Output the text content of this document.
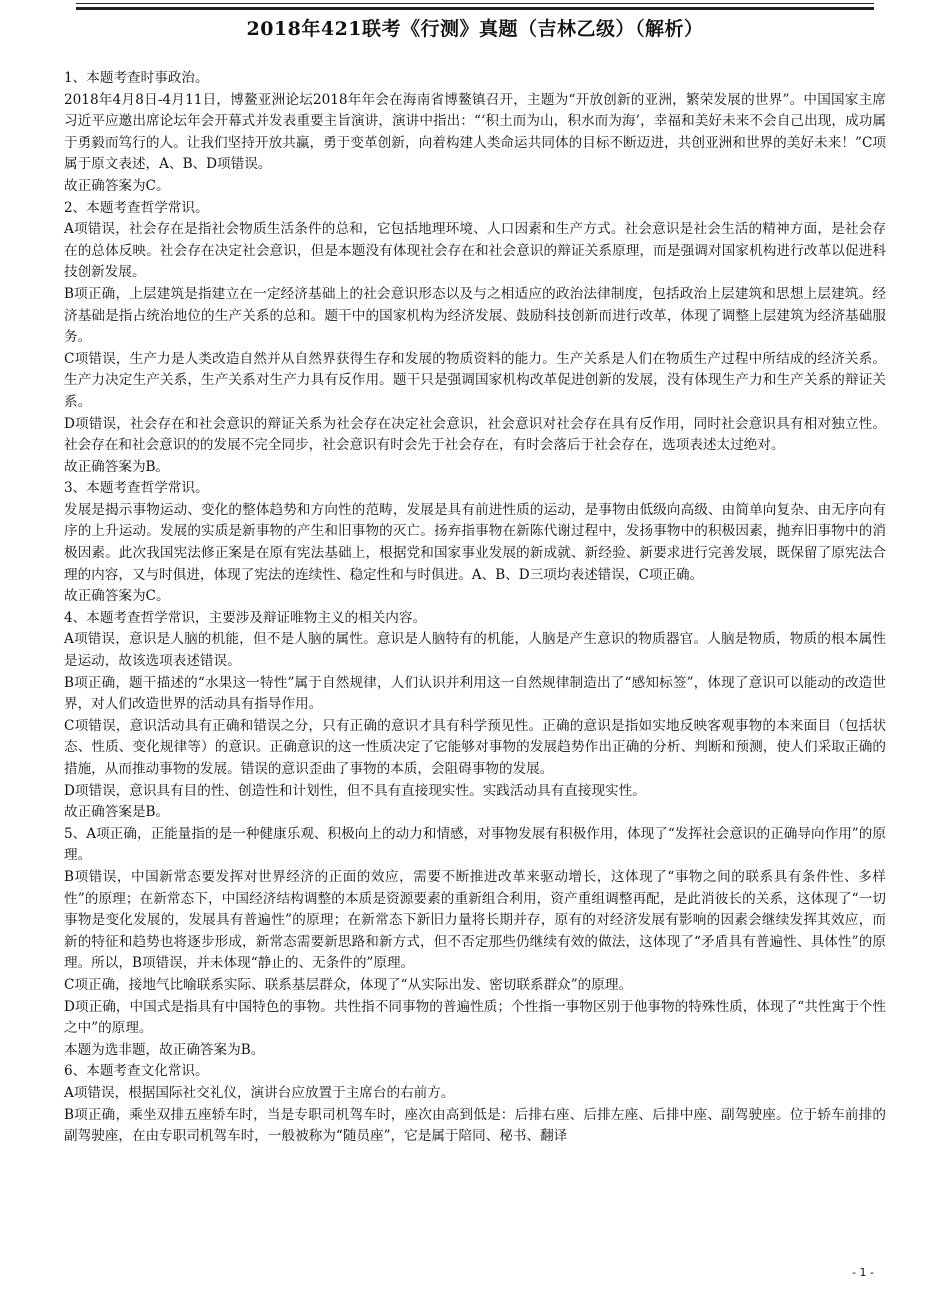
2018年421联考《行测》真题（吉林乙级）（解析）

1、本题考查时事政治。

2018年4月8日-4月11日，博鳌亚洲论坛2018年年会在海南省博鳌镇召开，主题为“开放创新的亚洲，繁荣发展的世界”。中国国家主席习近平应邀出席论坛年会开幕式并发表重要主旨演讲，演讲中指出：“‘积土而为山，积水而为海’，幸福和美好未来不会自己出现，成功属于勇毅而笃行的人。让我们坚持开放共赢，勇于变革创新，向着构建人类命运共同体的目标不断迈进，共创亚洲和世界的美好未来！”C项属于原文表述，A、B、D项错误。

故正确答案为C。

2、本题考查哲学常识。

A项错误，社会存在是指社会物质生活条件的总和，它包括地理环境、人口因素和生产方式。社会意识是社会生活的精神方面，是社会存在的总体反映。社会存在决定社会意识，但是本题没有体现社会存在和社会意识的辩证关系原理，而是强调对国家机构进行改革以促进科技创新发展。

B项正确，上层建筑是指建立在一定经济基础上的社会意识形态以及与之相适应的政治法律制度，包括政治上层建筑和思想上层建筑。经济基础是指占统治地位的生产关系的总和。题干中的国家机构为经济发展、鼓励科技创新而进行改革，体现了调整上层建筑为经济基础服务。

C项错误，生产力是人类改造自然并从自然界获得生存和发展的物质资料的能力。生产关系是人们在物质生产过程中所结成的经济关系。生产力决定生产关系，生产关系对生产力具有反作用。题干只是强调国家机构改革促进创新的发展，没有体现生产力和生产关系的辩证关系。

D项错误，社会存在和社会意识的辩证关系为社会存在决定社会意识，社会意识对社会存在具有反作用，同时社会意识具有相对独立性。社会存在和社会意识的的发展不完全同步，社会意识有时会先于社会存在，有时会落后于社会存在，选项表述太过绝对。

故正确答案为B。

3、本题考查哲学常识。

发展是揭示事物运动、变化的整体趋势和方向性的范畴，发展是具有前进性质的运动，是事物由低级向高级、由简单向复杂、由无序向有序的上升运动。发展的实质是新事物的产生和旧事物的灭亡。扬弃指事物在新陈代谢过程中，发扬事物中的积极因素，抛弃旧事物中的消极因素。此次我国宪法修正案是在原有宪法基础上，根据党和国家事业发展的新成就、新经验、新要求进行完善发展，既保留了原宪法合理的内容，又与时俱进，体现了宪法的连续性、稳定性和与时俱进。A、B、D三项均表述错误，C项正确。

故正确答案为C。

4、本题考查哲学常识，主要涉及辩证唯物主义的相关内容。

A项错误，意识是人脑的机能，但不是人脑的属性。意识是人脑特有的机能，人脑是产生意识的物质器官。人脑是物质，物质的根本属性是运动，故该选项表述错误。

B项正确，题干描述的“水果这一特性”属于自然规律，人们认识并利用这一自然规律制造出了“感知标签”，体现了意识可以能动的改造世界，对人们改造世界的活动具有指导作用。

C项错误，意识活动具有正确和错误之分，只有正确的意识才具有科学预见性。正确的意识是指如实地反映客观事物的本来面目（包括状态、性质、变化规律等）的意识。正确意识的这一性质决定了它能够对事物的发展趋势作出正确的分析、判断和预测，使人们采取正确的措施，从而推动事物的发展。错误的意识歪曲了事物的本质，会阻碍事物的发展。

D项错误，意识具有目的性、创造性和计划性，但不具有直接现实性。实践活动具有直接现实性。

故正确答案是B。

5、A项正确，正能量指的是一种健康乐观、积极向上的动力和情感，对事物发展有积极作用，体现了“发挥社会意识的正确导向作用”的原理。

B项错误，中国新常态要发挥对世界经济的正面的效应，需要不断推进改革来驱动增长，这体现了“事物之间的联系具有条件性、多样性”的原理；在新常态下，中国经济结构调整的本质是资源要素的重新组合利用，资产重组调整再配，是此消彼长的关系，这体现了“一切事物是变化发展的，发展具有普遍性”的原理；在新常态下新旧力量将长期并存，原有的对经济发展有影响的因素会继续发挥其效应，而新的特征和趋势也将逐步形成，新常态需要新思路和新方式，但不否定那些仍继续有效的做法，这体现了“矛盾具有普遍性、具体性”的原理。所以，B项错误，并未体现“静止的、无条件的”原理。

C项正确，接地气比喻联系实际、联系基层群众，体现了“从实际出发、密切联系群众”的原理。

D项正确，中国式是指具有中国特色的事物。共性指不同事物的普遍性质；个性指一事物区别于他事物的特殊性质，体现了“共性寓于个性之中”的原理。

本题为选非题，故正确答案为B。

6、本题考查文化常识。

A项错误，根据国际社交礼仪，演讲台应放置于主席台的右前方。

B项正确，乘坐双排五座轿车时，当是专职司机驾车时，座次由高到低是：后排右座、后排左座、后排中座、副驾驶座。位于轿车前排的副驾驶座，在由专职司机驾车时，一般被称为“随员座”，它是属于陪同、秘书、翻译

- 1 -
